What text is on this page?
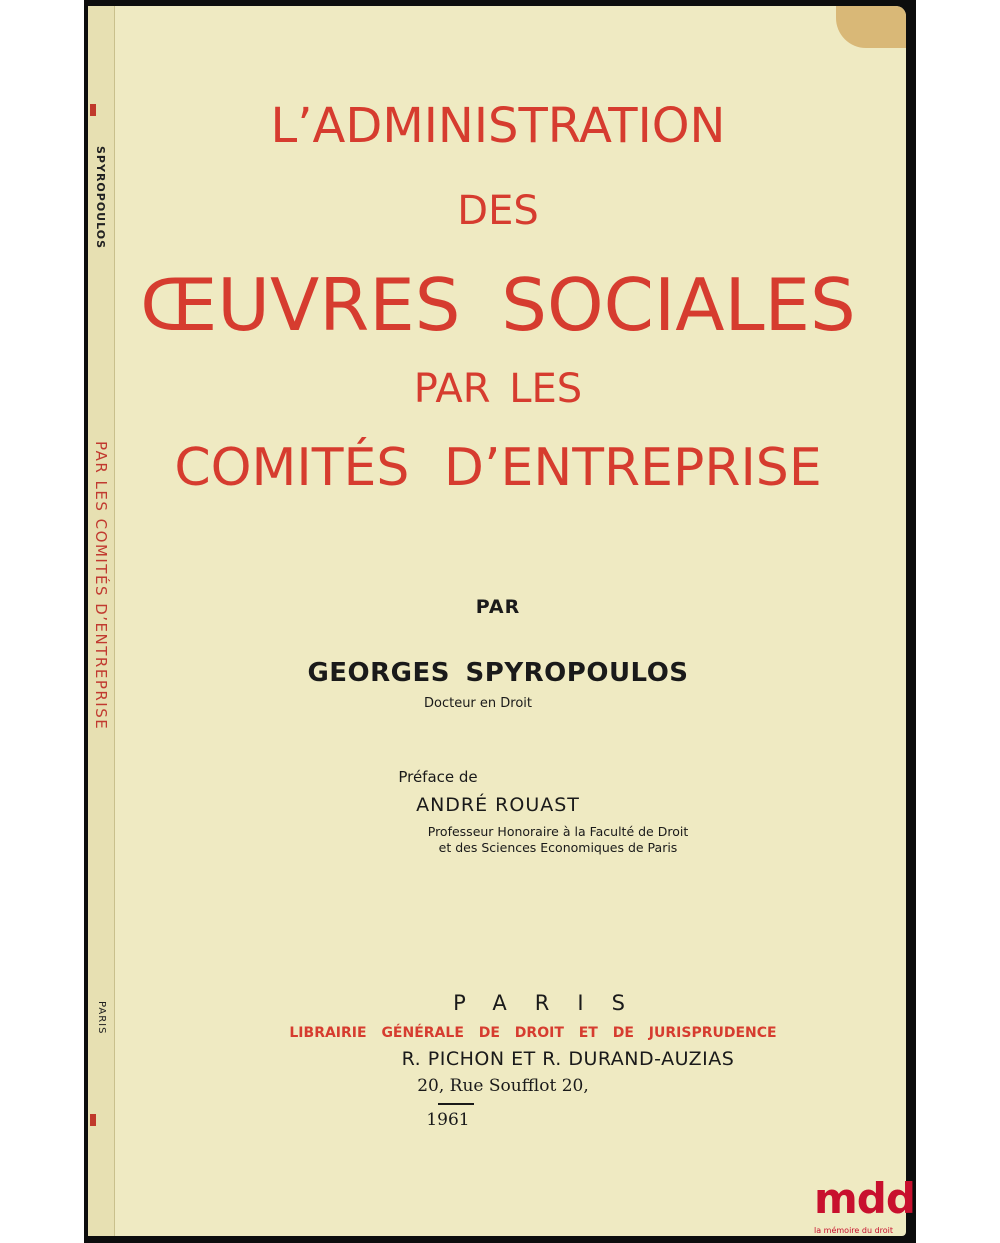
SPYROPOULOS
PAR LES COMITÉS D’ENTREPRISE
PARIS
L’ADMINISTRATION
DES
ŒUVRES SOCIALES
PAR LES
COMITÉS D’ENTREPRISE
PAR
GEORGES SPYROPOULOS
Docteur en Droit
Préface de
ANDRÉ ROUAST
Professeur Honoraire à la Faculté de Droit
et des Sciences Economiques de Paris
PARIS
LIBRAIRIE GÉNÉRALE DE DROIT ET DE JURISPRUDENCE
R. PICHON ET R. DURAND-AUZIAS
20, Rue Soufflot 20,
1961
mdd
la mémoire du droit
